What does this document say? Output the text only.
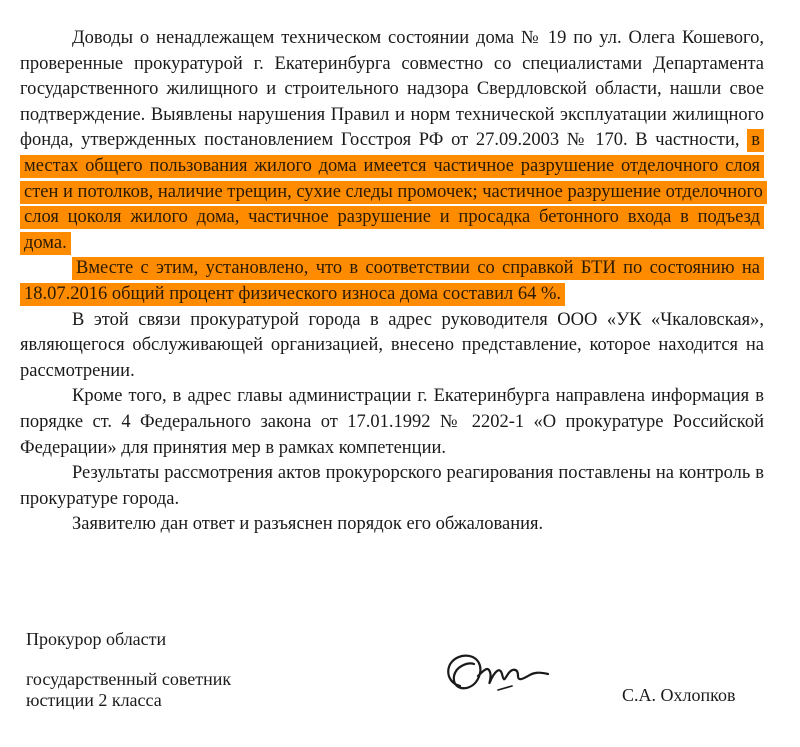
Доводы о ненадлежащем техническом состоянии дома № 19 по ул. Олега Кошевого, проверенные прокуратурой г. Екатеринбурга совместно со специалистами Департамента государственного жилищного и строительного надзора Свердловской области, нашли свое подтверждение. Выявлены нарушения Правил и норм технической эксплуатации жилищного фонда, утвержденных постановлением Госстроя РФ от 27.09.2003 № 170. В частности, в местах общего пользования жилого дома имеется частичное разрушение отделочного слоя стен и потолков, наличие трещин, сухие следы промочек; частичное разрушение отделочного слоя цоколя жилого дома, частичное разрушение и просадка бетонного входа в подъезд дома.

Вместе с этим, установлено, что в соответствии со справкой БТИ по состоянию на 18.07.2016 общий процент физического износа дома составил 64 %.

В этой связи прокуратурой города в адрес руководителя ООО «УК «Чкаловская», являющегося обслуживающей организацией, внесено представление, которое находится на рассмотрении.

Кроме того, в адрес главы администрации г. Екатеринбурга направлена информация в порядке ст. 4 Федерального закона от 17.01.1992 № 2202-1 «О прокуратуре Российской Федерации» для принятия мер в рамках компетенции.

Результаты рассмотрения актов прокурорского реагирования поставлены на контроль в прокуратуре города.

Заявителю дан ответ и разъяснен порядок его обжалования.

Прокурор области
государственный советник
юстиции 2 класса	С.А. Охлопков
